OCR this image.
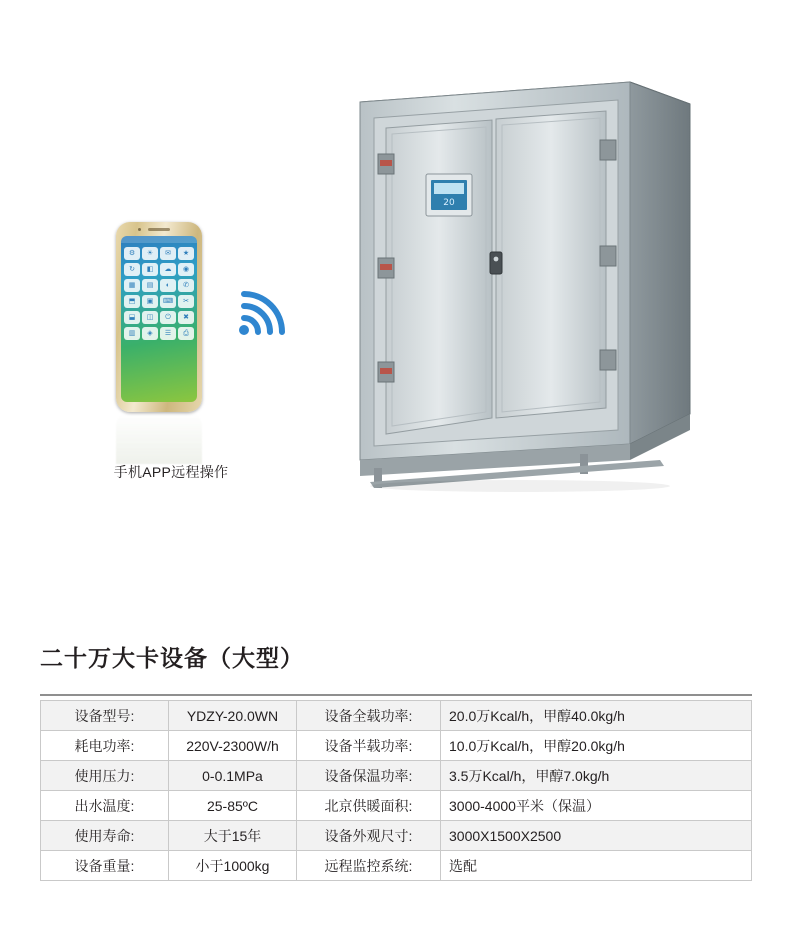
⚙	☀	✉	★
↻	◧	☁	◉
▦	▤	◐	✆
⬒	▣	⌨	✂
⬓	◫	⏻	✖
▥	◈	☰	⎙
手机APP远程操作
20
二十万大卡设备（大型）
设备型号:	YDZY-20.0WN	设备全载功率:	20.0万Kcal/h，甲醇40.0kg/h
耗电功率:	220V-2300W/h	设备半载功率:	10.0万Kcal/h，甲醇20.0kg/h
使用压力:	0-0.1MPa	设备保温功率:	3.5万Kcal/h，甲醇7.0kg/h
出水温度:	25-85ºC	北京供暖面积:	3000-4000平米（保温）
使用寿命:	大于15年	设备外观尺寸:	3000X1500X2500
设备重量:	小于1000kg	远程监控系统:	选配
